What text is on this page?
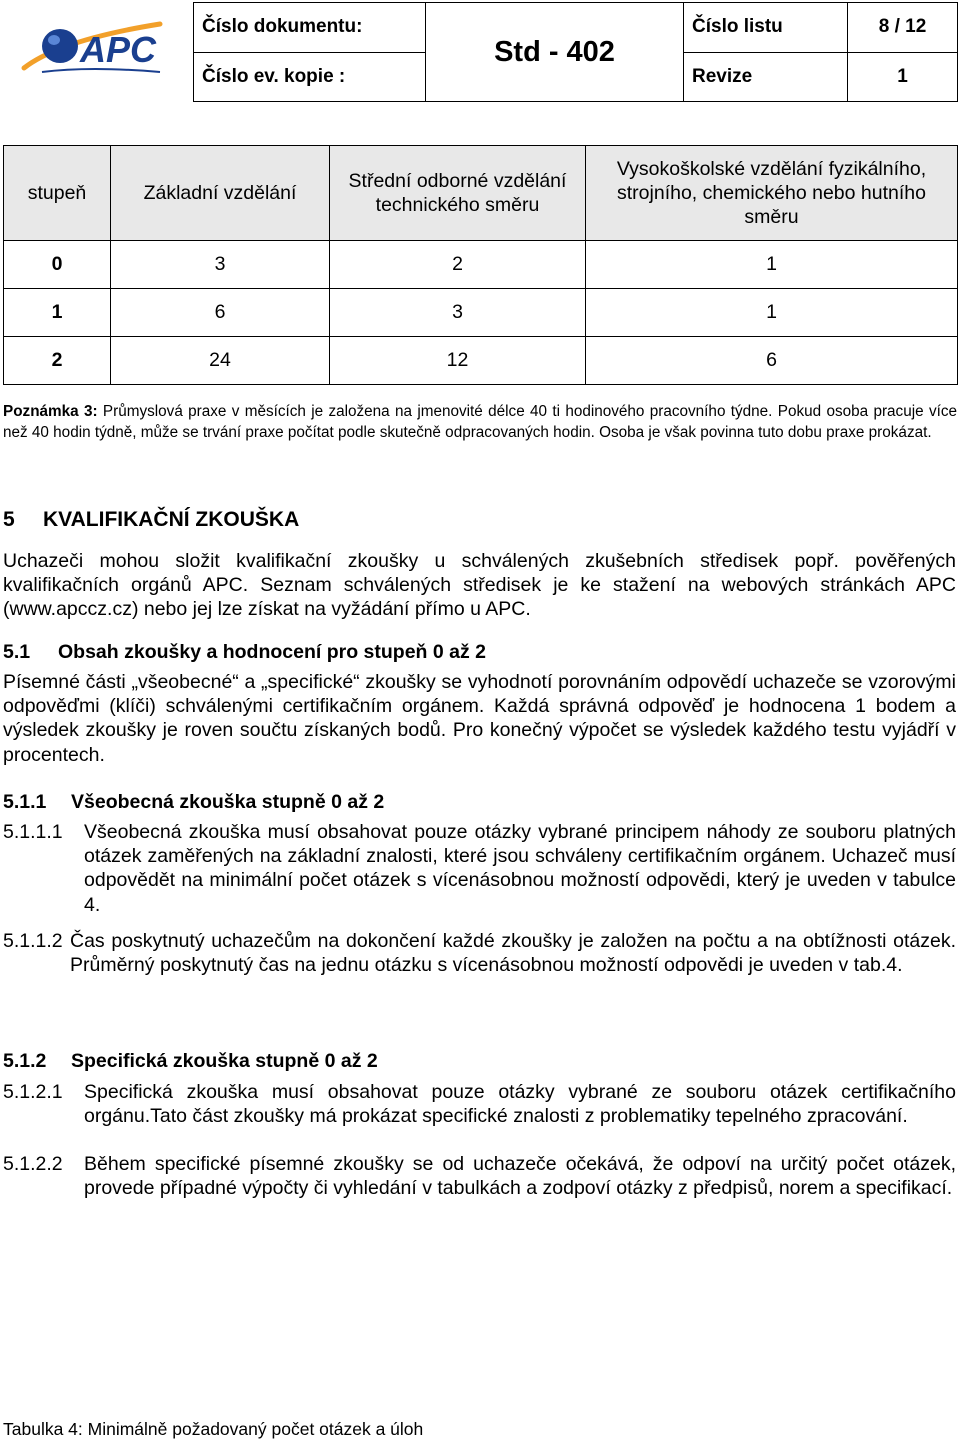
APC
Číslo dokumentu:	Std - 402	Číslo listu	8 / 12
Číslo ev. kopie :		Revize	1
stupeň	Základní vzdělání	Střední odborné vzdělání technického směru	Vysokoškolské vzdělání fyzikálního, strojního, chemického nebo hutního směru
0	3	2	1
1	6	3	1
2	24	12	6
Poznámka 3: Průmyslová praxe v měsících je založena na jmenovité délce 40 ti hodinového pracovního týdne. Pokud osoba pracuje více než 40 hodin týdně, může se trvání praxe počítat podle skutečně odpracovaných hodin. Osoba je však povinna tuto dobu praxe prokázat.
5 KVALIFIKAČNÍ ZKOUŠKA
Uchazeči mohou složit kvalifikační zkoušky u schválených zkušebních středisek popř. pověřených kvalifikačních orgánů APC. Seznam schválených středisek je ke stažení na webových stránkách APC (www.apccz.cz) nebo jej lze získat na vyžádání přímo u APC.
5.1 Obsah zkoušky a hodnocení pro stupeň 0 až 2
Písemné části „všeobecné“ a „specifické“ zkoušky se vyhodnotí porovnáním odpovědí uchazeče se vzorovými odpověďmi (klíči) schválenými certifikačním orgánem. Každá správná odpověď je hodnocena 1 bodem a výsledek zkoušky je roven součtu získaných bodů. Pro konečný výpočet se výsledek každého testu vyjádří v procentech.
5.1.1 Všeobecná zkouška stupně 0 až 2
5.1.1.1 Všeobecná zkouška musí obsahovat pouze otázky vybrané principem náhody ze souboru platných otázek zaměřených na základní znalosti, které jsou schváleny certifikačním orgánem. Uchazeč musí odpovědět na minimální počet otázek s vícenásobnou možností odpovědi, který je uveden v tabulce 4.
5.1.1.2 Čas poskytnutý uchazečům na dokončení každé zkoušky je založen na počtu a na obtížnosti otázek. Průměrný poskytnutý čas na jednu otázku s vícenásobnou možností odpovědi je uveden v tab.4.
5.1.2 Specifická zkouška stupně 0 až 2
5.1.2.1 Specifická zkouška musí obsahovat pouze otázky vybrané ze souboru otázek certifikačního orgánu.Tato část zkoušky má prokázat specifické znalosti z problematiky tepelného zpracování.
5.1.2.2 Během specifické písemné zkoušky se od uchazeče očekává, že odpoví na určitý počet otázek, provede případné výpočty či vyhledání v tabulkách a zodpoví otázky z předpisů, norem a specifikací.
Tabulka 4: Minimálně požadovaný počet otázek a úloh
